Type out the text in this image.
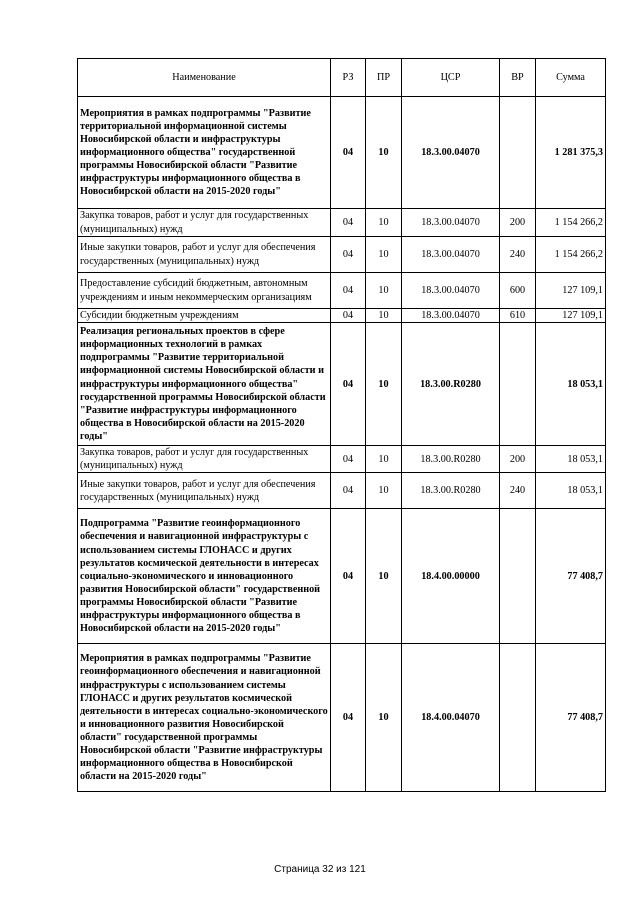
Наименование	РЗ	ПР	ЦСР	ВР	Сумма
Мероприятия в рамках подпрограммы "Развитие территориальной информационной системы Новосибирской области и инфраструктуры информационного общества" государственной программы Новосибирской области "Развитие инфраструктуры информационного общества в Новосибирской области на 2015-2020 годы"	04	10	18.3.00.04070		1 281 375,3
Закупка товаров, работ и услуг для государственных (муниципальных) нужд	04	10	18.3.00.04070	200	1 154 266,2
Иные закупки товаров, работ и услуг для обеспечения государственных (муниципальных) нужд	04	10	18.3.00.04070	240	1 154 266,2
Предоставление субсидий бюджетным, автономным учреждениям и иным некоммерческим организациям	04	10	18.3.00.04070	600	127 109,1
Субсидии бюджетным учреждениям	04	10	18.3.00.04070	610	127 109,1
Реализация региональных проектов в сфере информационных технологий в рамках подпрограммы "Развитие территориальной информационной системы Новосибирской области и инфраструктуры информационного общества" государственной программы Новосибирской области "Развитие инфраструктуры информационного общества в Новосибирской области на 2015-2020 годы"	04	10	18.3.00.R0280		18 053,1
Закупка товаров, работ и услуг для государственных (муниципальных) нужд	04	10	18.3.00.R0280	200	18 053,1
Иные закупки товаров, работ и услуг для обеспечения государственных (муниципальных) нужд	04	10	18.3.00.R0280	240	18 053,1
Подпрограмма "Развитие геоинформационного обеспечения и навигационной инфраструктуры с использованием системы ГЛОНАСС и других результатов космической деятельности в интересах социально-экономического и инновационного развития Новосибирской области" государственной программы Новосибирской области "Развитие инфраструктуры информационного общества в Новосибирской области на 2015-2020 годы"	04	10	18.4.00.00000		77 408,7
Мероприятия в рамках подпрограммы "Развитие геоинформационного обеспечения и навигационной инфраструктуры с использованием системы ГЛОНАСС и других результатов космической деятельности в интересах социально-экономического и инновационного развития Новосибирской области" государственной программы Новосибирской области "Развитие инфраструктуры информационного общества в Новосибирской области на 2015-2020 годы"	04	10	18.4.00.04070		77 408,7
Страница 32 из 121
